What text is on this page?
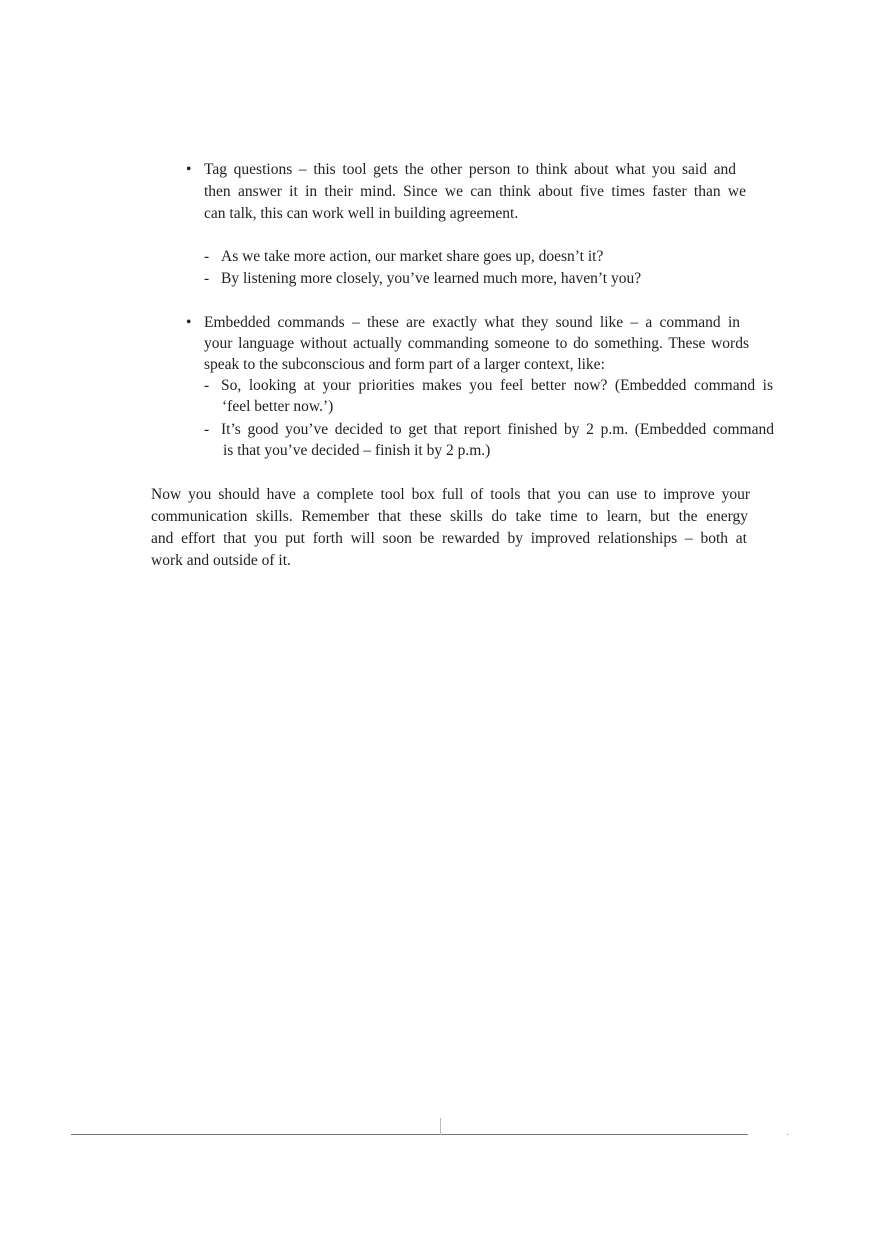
• Tag questions – this tool gets the other person to think about what you said and
then answer it in their mind. Since we can think about five times faster than we
can talk, this can work well in building agreement.
- As we take more action, our market share goes up, doesn’t it?
- By listening more closely, you’ve learned much more, haven’t you?
• Embedded commands – these are exactly what they sound like – a command in
your language without actually commanding someone to do something. These words
speak to the subconscious and form part of a larger context, like:
- So, looking at your priorities makes you feel better now? (Embedded command is
‘feel better now.’)
- It’s good you’ve decided to get that report finished by 2 p.m. (Embedded command
is that you’ve decided – finish it by 2 p.m.)
Now you should have a complete tool box full of tools that you can use to improve your
communication skills. Remember that these skills do take time to learn, but the energy
and effort that you put forth will soon be rewarded by improved relationships – both at
work and outside of it.
